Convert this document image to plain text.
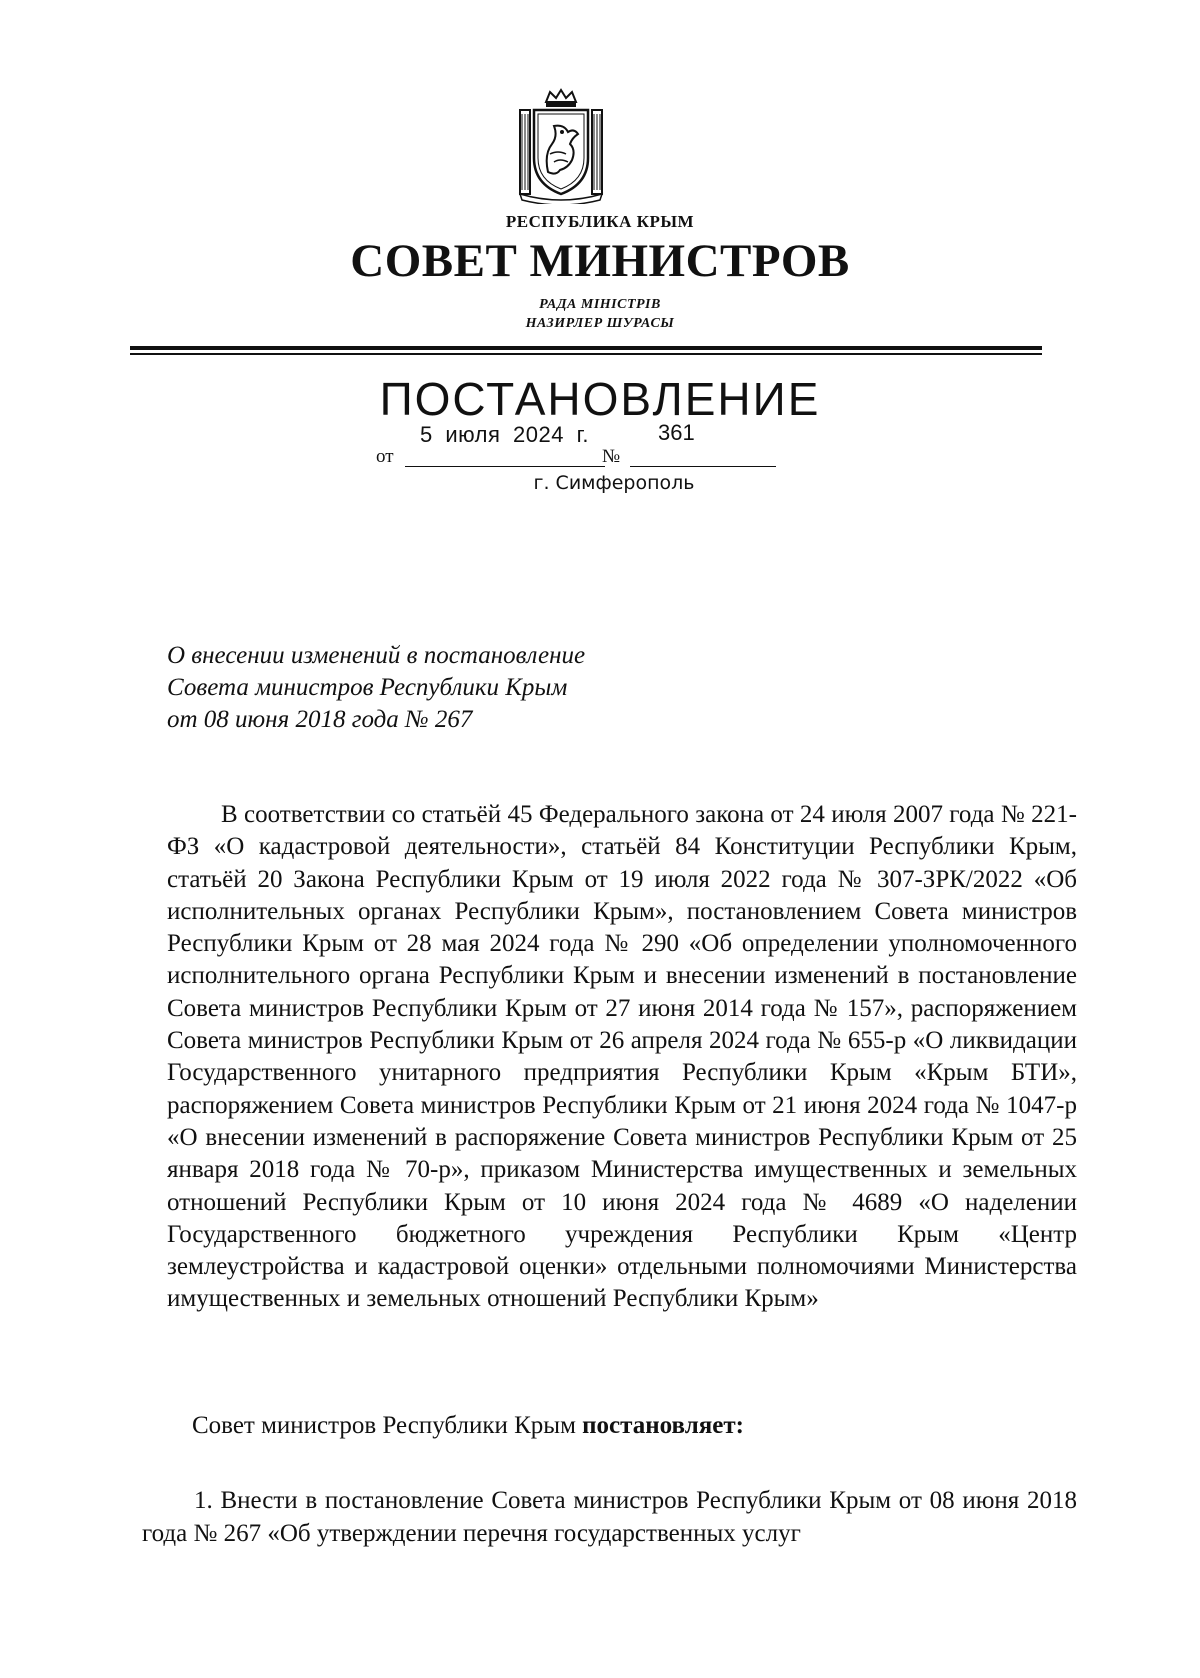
РЕСПУБЛИКА КРЫМ
СОВЕТ МИНИСТРОВ
РАДА МІНІСТРІВ
НАЗИРЛЕР ШУРАСЫ
ПОСТАНОВЛЕНИЕ
5 июля 2024 г.	361
от	№
г. Симферополь
О внесении изменений в постановление
Совета министров Республики Крым
от 08 июня 2018 года № 267
В соответствии со статьёй 45 Федерального закона от 24 июля 2007 года № 221-ФЗ «О кадастровой деятельности», статьёй 84 Конституции Республики Крым, статьёй 20 Закона Республики Крым от 19 июля 2022 года № 307-ЗРК/2022 «Об исполнительных органах Республики Крым», постановлением Совета министров Республики Крым от 28 мая 2024 года № 290 «Об определении уполномоченного исполнительного органа Республики Крым и внесении изменений в постановление Совета министров Республики Крым от 27 июня 2014 года № 157», распоряжением Совета министров Республики Крым от 26 апреля 2024 года № 655-р «О ликвидации Государственного унитарного предприятия Республики Крым «Крым БТИ», распоряжением Совета министров Республики Крым от 21 июня 2024 года № 1047-р «О внесении изменений в распоряжение Совета министров Республики Крым от 25 января 2018 года № 70-р», приказом Министерства имущественных и земельных отношений Республики Крым от 10 июня 2024 года № 4689 «О наделении Государственного бюджетного учреждения Республики Крым «Центр землеустройства и кадастровой оценки» отдельными полномочиями Министерства имущественных и земельных отношений Республики Крым»
Совет министров Республики Крым постановляет:
1. Внести в постановление Совета министров Республики Крым от 08 июня 2018 года № 267 «Об утверждении перечня государственных услуг
